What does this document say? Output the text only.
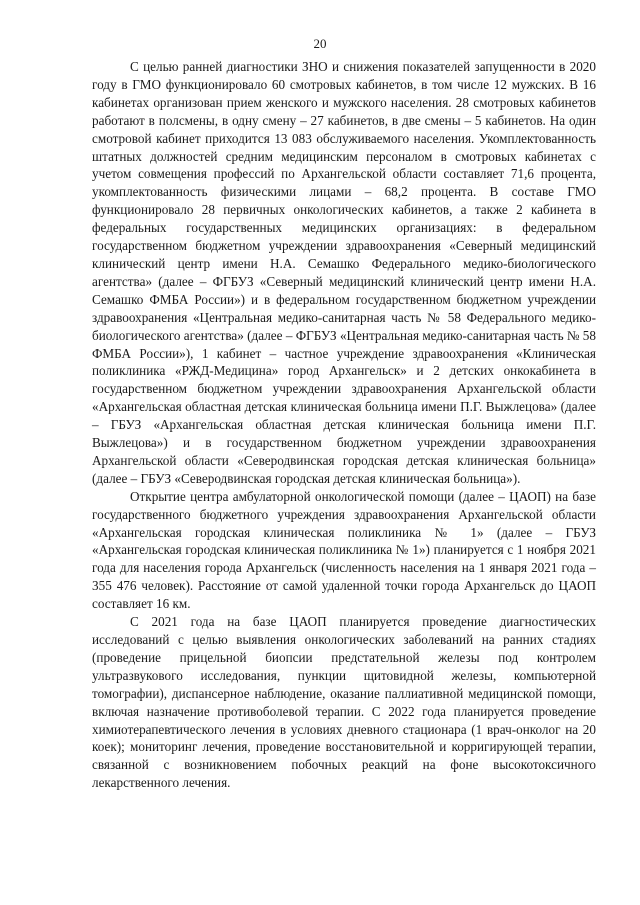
20

С целью ранней диагностики ЗНО и снижения показателей запущенности в 2020 году в ГМО функционировало 60 смотровых кабинетов, в том числе 12 мужских. В 16 кабинетах организован прием женского и мужского населения. 28 смотровых кабинетов работают в полсмены, в одну смену – 27 кабинетов, в две смены – 5 кабинетов. На один смотровой кабинет приходится 13 083 обслуживаемого населения. Укомплектованность штатных должностей средним медицинским персоналом в смотровых кабинетах с учетом совмещения профессий по Архангельской области составляет 71,6 процента, укомплектованность физическими лицами – 68,2 процента. В составе ГМО функционировало 28 первичных онкологических кабинетов, а также 2 кабинета в федеральных государственных медицинских организациях: в федеральном государственном бюджетном учреждении здравоохранения «Северный медицинский клинический центр имени Н.А. Семашко Федерального медико-биологического агентства» (далее – ФГБУЗ «Северный медицинский клинический центр имени Н.А. Семашко ФМБА России») и в федеральном государственном бюджетном учреждении здравоохранения «Центральная медико-санитарная часть № 58 Федерального медико-биологического агентства» (далее – ФГБУЗ «Центральная медико-санитарная часть № 58 ФМБА России»), 1 кабинет – частное учреждение здравоохранения «Клиническая поликлиника «РЖД-Медицина» город Архангельск» и 2 детских онкокабинета в государственном бюджетном учреждении здравоохранения Архангельской области «Архангельская областная детская клиническая больница имени П.Г. Выжлецова» (далее – ГБУЗ «Архангельская областная детская клиническая больница имени П.Г. Выжлецова») и в государственном бюджетном учреждении здравоохранения Архангельской области «Северодвинская городская детская клиническая больница» (далее – ГБУЗ «Северодвинская городская детская клиническая больница»).

Открытие центра амбулаторной онкологической помощи (далее – ЦАОП) на базе государственного бюджетного учреждения здравоохранения Архангельской области «Архангельская городская клиническая поликлиника № 1» (далее – ГБУЗ «Архангельская городская клиническая поликлиника № 1») планируется с 1 ноября 2021 года для населения города Архангельск (численность населения на 1 января 2021 года – 355 476 человек). Расстояние от самой удаленной точки города Архангельск до ЦАОП составляет 16 км.

С 2021 года на базе ЦАОП планируется проведение диагностических исследований с целью выявления онкологических заболеваний на ранних стадиях (проведение прицельной биопсии предстательной железы под контролем ультразвукового исследования, пункции щитовидной железы, компьютерной томографии), диспансерное наблюдение, оказание паллиативной медицинской помощи, включая назначение противоболевой терапии. С 2022 года планируется проведение химиотерапевтического лечения в условиях дневного стационара (1 врач-онколог на 20 коек); мониторинг лечения, проведение восстановительной и корригирующей терапии, связанной с возникновением побочных реакций на фоне высокотоксичного лекарственного лечения.
